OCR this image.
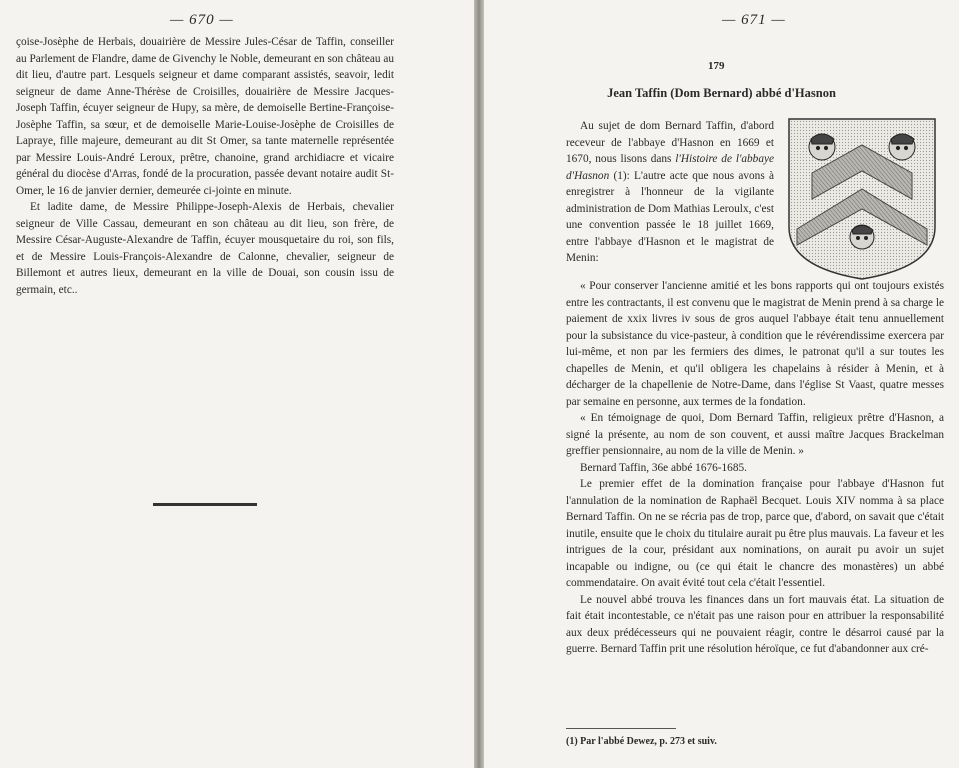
— 670 —

çoise-Josèphe de Herbais, douairière de Messire Jules-César de Taffin, conseiller au Parlement de Flandre, dame de Givenchy le Noble, demeurant en son château au dit lieu, d'autre part. Lesquels seigneur et dame comparant assistés, seavoir, ledit seigneur de dame Anne-Thérèse de Croisilles, douairière de Messire Jacques-Joseph Taffin, écuyer seigneur de Hupy, sa mère, de demoiselle Bertine-Françoise-Josèphe Taffin, sa sœur, et de demoiselle Marie-Louise-Josèphe de Croisilles de Lapraye, fille majeure, demeurant au dit St Omer, sa tante maternelle représentée par Messire Louis-André Leroux, prêtre, chanoine, grand archidiacre et vicaire général du diocèse d'Arras, fondé de la procuration, passée devant notaire audit St-Omer, le 16 de janvier dernier, demeurée ci-jointe en minute.

Et ladite dame, de Messire Philippe-Joseph-Alexis de Herbais, chevalier seigneur de Ville Cassau, demeurant en son château au dit lieu, son frère, de Messire César-Auguste-Alexandre de Taffin, écuyer mousquetaire du roi, son fils, et de Messire Louis-François-Alexandre de Calonne, chevalier, seigneur de Billemont et autres lieux, demeurant en la ville de Douai, son cousin issu de germain, etc..

— 671 —
179
Jean Taffin (Dom Bernard) abbé d'Hasnon

Au sujet de dom Bernard Taffin, d'abord receveur de l'abbaye d'Hasnon en 1669 et 1670, nous lisons dans l'Histoire de l'abbaye d'Hasnon (1): L'autre acte que nous avons à enregistrer à l'honneur de la vigilante administration de Dom Mathias Leroulx, c'est une convention passée le 18 juillet 1669, entre l'abbaye d'Hasnon et le magistrat de Menin:

« Pour conserver l'ancienne amitié et les bons rapports qui ont toujours existés entre les contractants, il est convenu que le magistrat de Menin prend à sa charge le paiement de xxix livres iv sous de gros auquel l'abbaye était tenu annuellement pour la subsistance du vice-pasteur, à condition que le révérendissime exercera par lui-même, et non par les fermiers des dimes, le patronat qu'il a sur toutes les chapelles de Menin, et qu'il obligera les chapelains à résider à Menin, et à décharger de la chapellenie de Notre-Dame, dans l'église St Vaast, quatre messes par semaine en personne, aux termes de la fondation.

« En témoignage de quoi, Dom Bernard Taffin, religieux prêtre d'Hasnon, a signé la présente, au nom de son couvent, et aussi maître Jacques Brackelman greffier pensionnaire, au nom de la ville de Menin. »

Bernard Taffin, 36e abbé 1676-1685.

Le premier effet de la domination française pour l'abbaye d'Hasnon fut l'annulation de la nomination de Raphaël Becquet. Louis XIV nomma à sa place Bernard Taffin. On ne se récria pas de trop, parce que, d'abord, on savait que c'était inutile, ensuite que le choix du titulaire aurait pu être plus mauvais. La faveur et les intrigues de la cour, présidant aux nominations, on aurait pu avoir un sujet incapable ou indigne, ou (ce qui était le chancre des monastères) un abbé commendataire. On avait évité tout cela c'était l'essentiel.

Le nouvel abbé trouva les finances dans un fort mauvais état. La situation de fait était incontestable, ce n'était pas une raison pour en attribuer la responsabilité aux deux prédécesseurs qui ne pouvaient réagir, contre le désarroi causé par la guerre. Bernard Taffin prit une résolution héroïque, ce fut d'abandonner aux cré-

(1) Par l'abbé Dewez, p. 273 et suiv.
